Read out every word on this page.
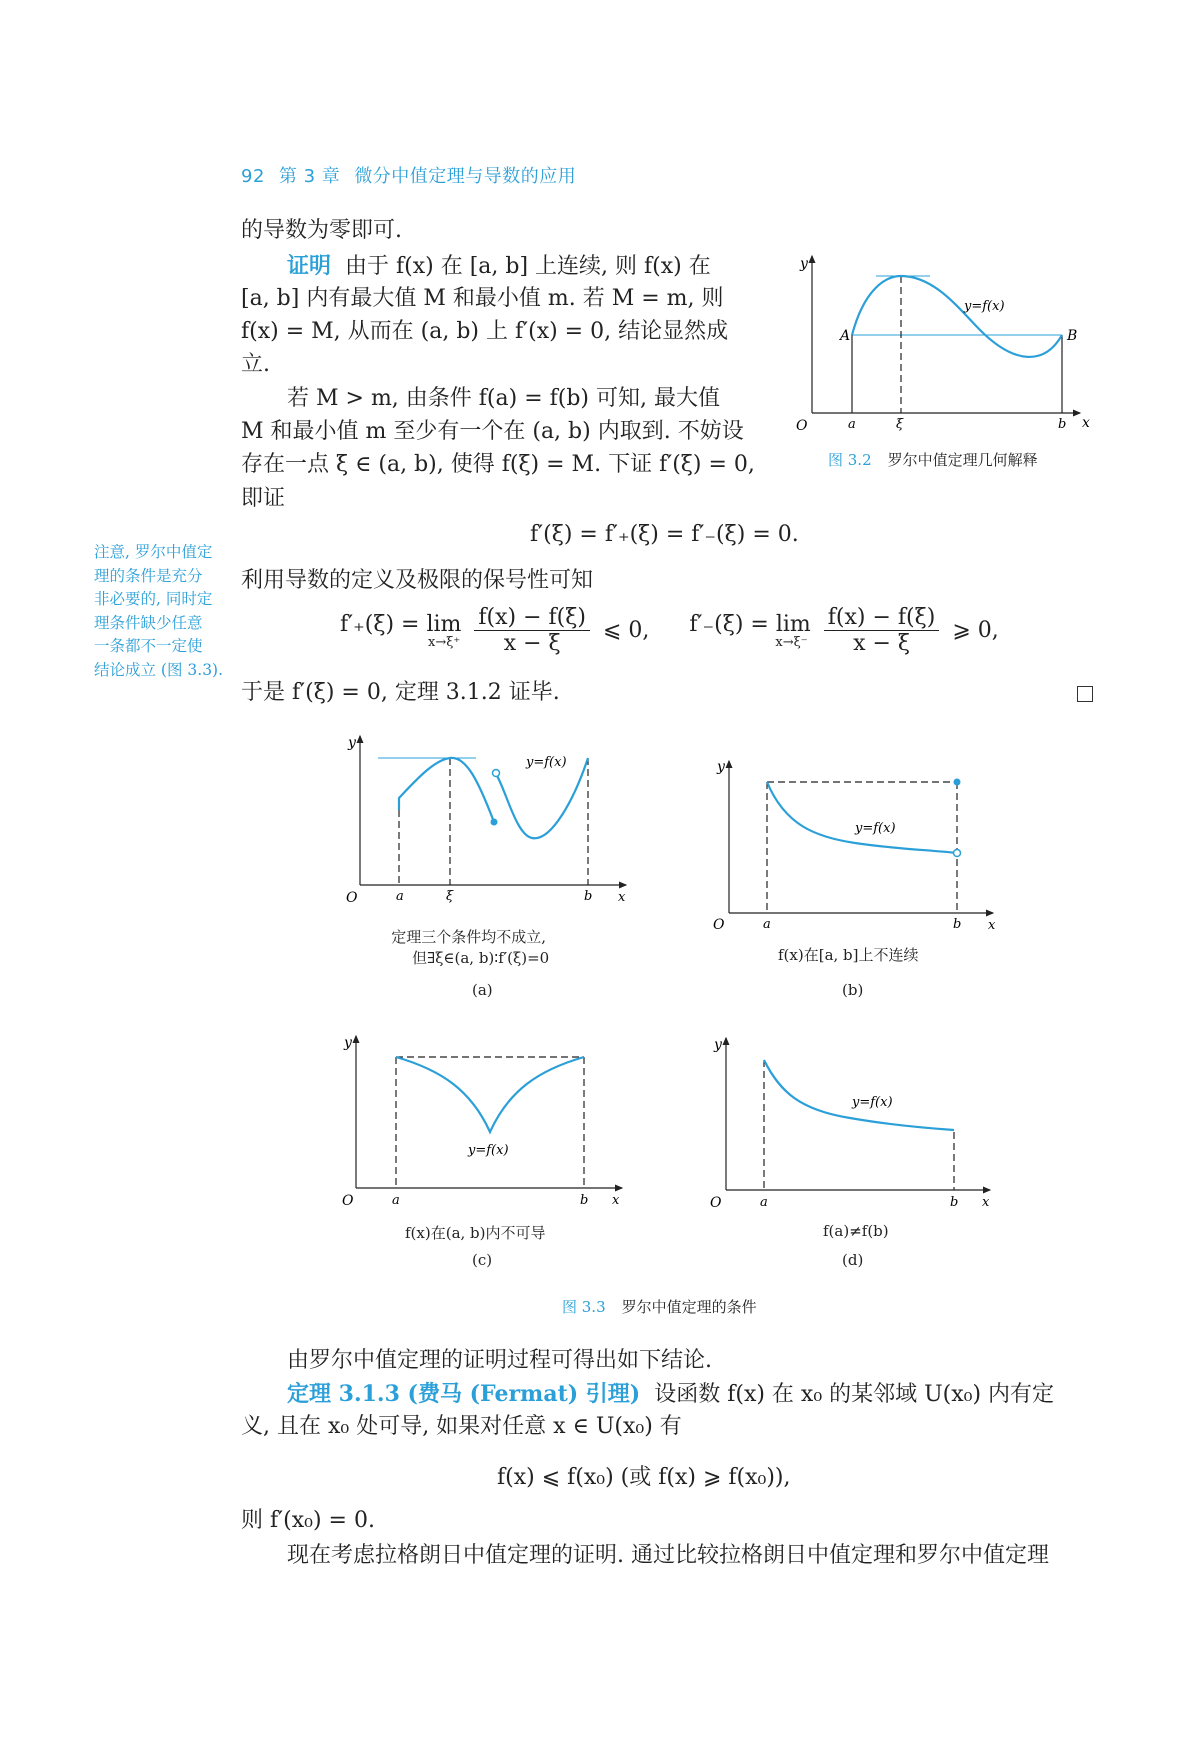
92 第 3 章 微分中值定理与导数的应用
的导数为零即可.
证明 由于 f(x) 在 [a, b] 上连续, 则 f(x) 在
[a, b] 内有最大值 M 和最小值 m. 若 M = m, 则
f(x) = M, 从而在 (a, b) 上 f′(x) = 0, 结论显然成
立.
若 M > m, 由条件 f(a) = f(b) 可知, 最大值
M 和最小值 m 至少有一个在 (a, b) 内取到. 不妨设
存在一点 ξ ∈ (a, b), 使得 f(ξ) = M. 下证 f′(ξ) = 0,
即证
f′(ξ) = f′₊(ξ) = f′₋(ξ) = 0.
利用导数的定义及极限的保号性可知
f′₊(ξ) = lim
x→ξ⁺
$\frac{f(x) - f(\xi)}{x - \xi}$ ⩽ 0, f′₋(ξ) = lim
x→ξ⁻
$\frac{f(x) - f(\xi)}{x - \xi}$ ⩾ 0,
于是 f′(ξ) = 0, 定理 3.1.2 证毕.
注意, 罗尔中值定
理的条件是充分
非必要的, 同时定
理条件缺少任意
一条都不一定使
结论成立 (图 3.3).
y
x
O
A	B
y=f(x)
a	ξ	b
图 3.2 罗尔中值定理几何解释
y
x
O
y=f(x)
a	ξ	b
定理三个条件均不成立,
但∃ξ∈(a, b)∶f′(ξ)=0
(a)
y
x
O
y=f(x)
a	b
f(x)在[a, b]上不连续
(b)
y
x
O
y=f(x)
a	b
f(x)在(a, b)内不可导
(c)
y
x
O
y=f(x)
a	b
f(a)≠f(b)
(d)
图 3.3 罗尔中值定理的条件
由罗尔中值定理的证明过程可得出如下结论.
定理 3.1.3 (费马 (Fermat) 引理) 设函数 f(x) 在 x₀ 的某邻域 U(x₀) 内有定
义, 且在 x₀ 处可导, 如果对任意 x ∈ U(x₀) 有
f(x) ⩽ f(x₀) (或 f(x) ⩾ f(x₀)),
则 f′(x₀) = 0.
现在考虑拉格朗日中值定理的证明. 通过比较拉格朗日中值定理和罗尔中值定理
